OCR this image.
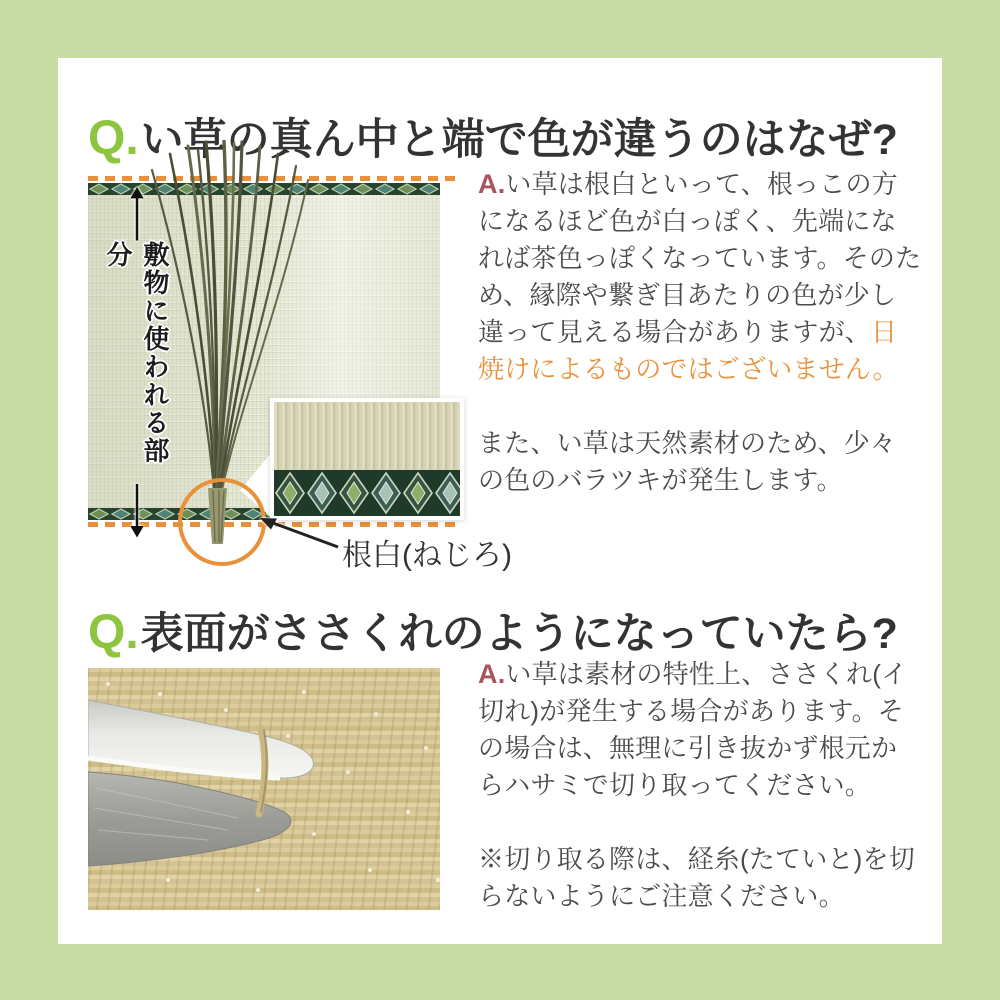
Q. い草の真ん中と端で色が違うのはなぜ?
敷物に使われる部分
根白(ねじろ)

A.い草は根白といって、根っこの方になるほど色が白っぽく、先端になれば茶色っぽくなっています。そのため、縁際や繋ぎ目あたりの色が少し違って見える場合がありますが、日焼けによるものではございません。

また、い草は天然素材のため、少々の色のバラツキが発生します。

Q. 表面がささくれのようになっていたら?

A.い草は素材の特性上、ささくれ(イ切れ)が発生する場合があります。その場合は、無理に引き抜かず根元からハサミで切り取ってください。

※切り取る際は、経糸(たていと)を切らないようにご注意ください。
